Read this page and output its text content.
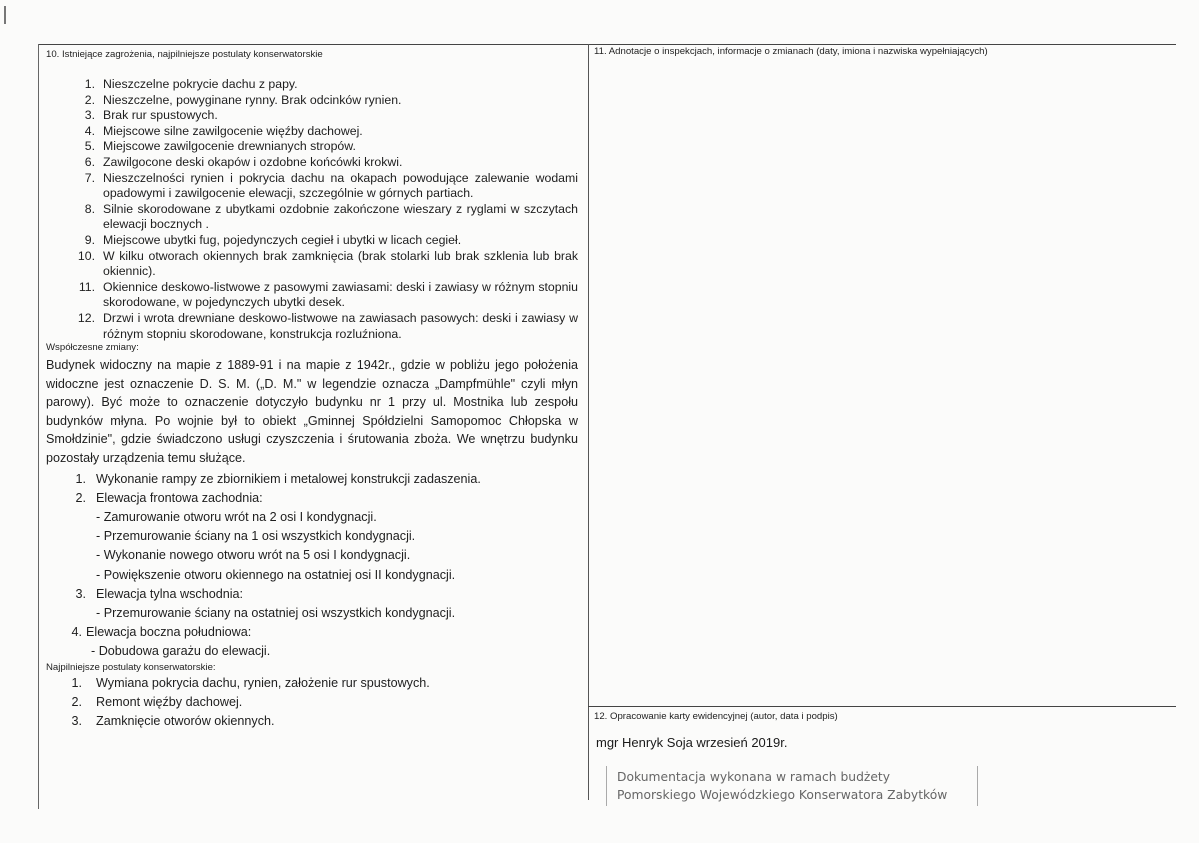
10. Istniejące zagrożenia, najpilniejsze postulaty konserwatorskie	11. Adnotacje o inspekcjach, informacje o zmianach (daty, imiona i nazwiska wypełniających)
12. Opracowanie karty ewidencyjnej (autor, data i podpis)
1. Nieszczelne pokrycie dachu z papy.
2. Nieszczelne, powyginane rynny. Brak odcinków rynien.
3. Brak rur spustowych.
4. Miejscowe silne zawilgocenie więźby dachowej.
5. Miejscowe zawilgocenie drewnianych stropów.
6. Zawilgocone deski okapów i ozdobne końcówki krokwi.
7. Nieszczelności rynien i pokrycia dachu na okapach powodujące zalewanie wodami opadowymi i zawilgocenie elewacji, szczególnie w górnych partiach.
8. Silnie skorodowane z ubytkami ozdobnie zakończone wieszary z ryglami w szczytach elewacji bocznych .
9. Miejscowe ubytki fug, pojedynczych cegieł i ubytki w licach cegieł.
10. W kilku otworach okiennych brak zamknięcia (brak stolarki lub brak szklenia lub brak okiennic).
11. Okiennice deskowo-listwowe z pasowymi zawiasami: deski i zawiasy w różnym stopniu skorodowane, w pojedynczych ubytki desek.
12. Drzwi i wrota drewniane deskowo-listwowe na zawiasach pasowych: deski i zawiasy w różnym stopniu skorodowane, konstrukcja rozluźniona.

Współczesne zmiany:

Budynek widoczny na mapie z 1889-91 i na mapie z 1942r., gdzie w pobliżu jego położenia widoczne jest oznaczenie D. S. M. („D. M." w legendzie oznacza „Dampfmühle" czyli młyn parowy). Być może to oznaczenie dotyczyło budynku nr 1 przy ul. Mostnika lub zespołu budynków młyna. Po wojnie był to obiekt „Gminnej Spółdzielni Samopomoc Chłopska w Smołdzinie", gdzie świadczono usługi czyszczenia i śrutowania zboża. We wnętrzu budynku pozostały urządzenia temu służące.

1. Wykonanie rampy ze zbiornikiem i metalowej konstrukcji zadaszenia.
2. Elewacja frontowa zachodnia:
- Zamurowanie otworu wrót na 2 osi I kondygnacji.
- Przemurowanie ściany na 1 osi wszystkich kondygnacji.
- Wykonanie nowego otworu wrót na 5 osi I kondygnacji.
- Powiększenie otworu okiennego na ostatniej osi II kondygnacji.
3. Elewacja tylna wschodnia:
- Przemurowanie ściany na ostatniej osi wszystkich kondygnacji.
4. Elewacja boczna południowa:
- Dobudowa garażu do elewacji.

Najpilniejsze postulaty konserwatorskie:

1.	Wymiana pokrycia dachu, rynien, założenie rur spustowych.
2.	Remont więźby dachowej.
3.	Zamknięcie otworów okiennych.
mgr Henryk Soja wrzesień 2019r.
Dokumentacja wykonana w ramach budżety
Pomorskiego Wojewódzkiego Konserwatora Zabytków
